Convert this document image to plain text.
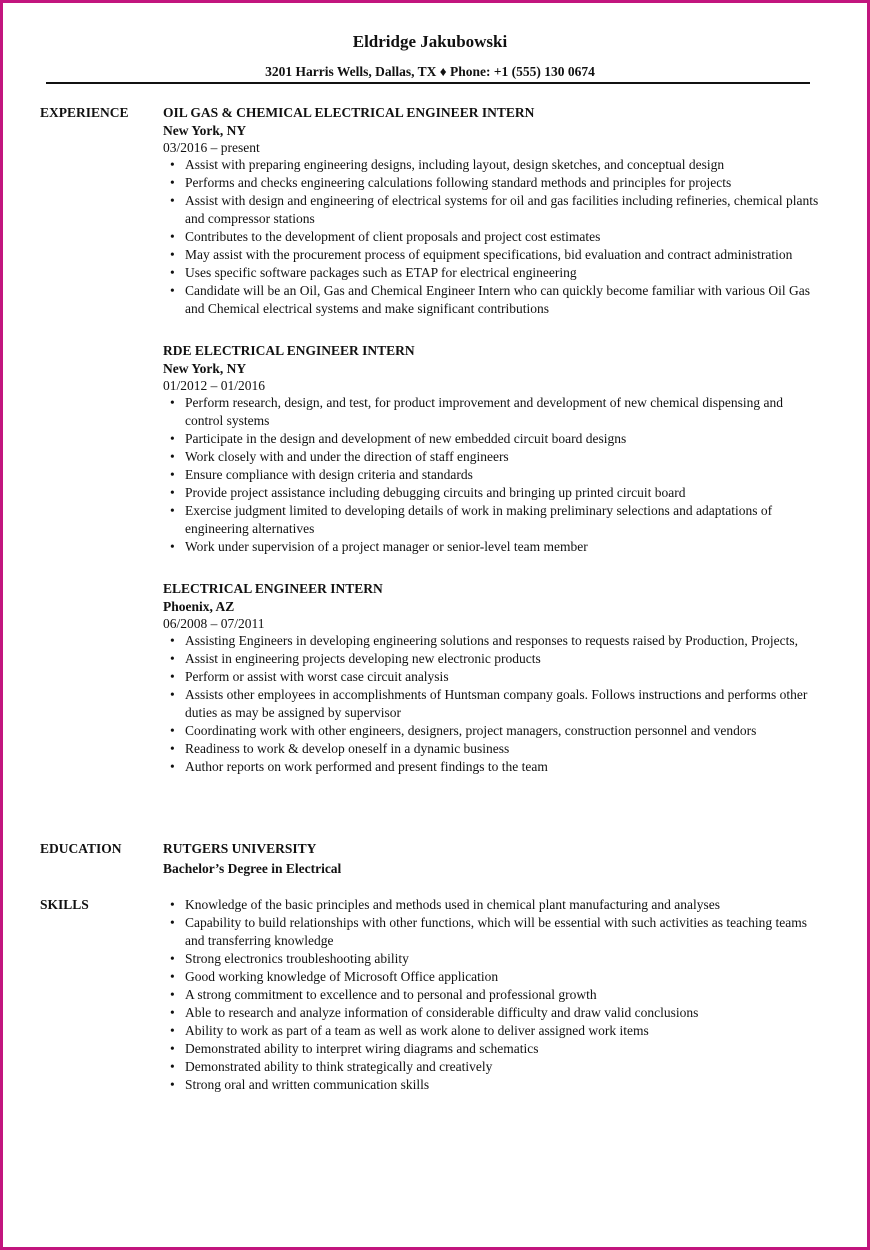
Eldridge Jakubowski
3201 Harris Wells, Dallas, TX ♦ Phone: +1 (555) 130 0674
EXPERIENCE	OIL GAS & CHEMICAL ELECTRICAL ENGINEER INTERN

New York, NY

03/2016 – present

• Assist with preparing engineering designs, including layout, design sketches, and conceptual design
• Performs and checks engineering calculations following standard methods and principles for projects
• Assist with design and engineering of electrical systems for oil and gas facilities including refineries, chemical plants and compressor stations
• Contributes to the development of client proposals and project cost estimates
• May assist with the procurement process of equipment specifications, bid evaluation and contract administration
• Uses specific software packages such as ETAP for electrical engineering
• Candidate will be an Oil, Gas and Chemical Engineer Intern who can quickly become familiar with various Oil Gas and Chemical electrical systems and make significant contributions

RDE ELECTRICAL ENGINEER INTERN

New York, NY

01/2012 – 01/2016

• Perform research, design, and test, for product improvement and development of new chemical dispensing and control systems
• Participate in the design and development of new embedded circuit board designs
• Work closely with and under the direction of staff engineers
• Ensure compliance with design criteria and standards
• Provide project assistance including debugging circuits and bringing up printed circuit board
• Exercise judgment limited to developing details of work in making preliminary selections and adaptations of engineering alternatives
• Work under supervision of a project manager or senior-level team member

ELECTRICAL ENGINEER INTERN

Phoenix, AZ

06/2008 – 07/2011

• Assisting Engineers in developing engineering solutions and responses to requests raised by Production, Projects,
• Assist in engineering projects developing new electronic products
• Perform or assist with worst case circuit analysis
• Assists other employees in accomplishments of Huntsman company goals. Follows instructions and performs other duties as may be assigned by supervisor
• Coordinating work with other engineers, designers, project managers, construction personnel and vendors
• Readiness to work & develop oneself in a dynamic business
• Author reports on work performed and present findings to the team
EDUCATION	RUTGERS UNIVERSITY

Bachelor’s Degree in Electrical

SKILLS
•	Knowledge of the basic principles and methods used in chemical plant manufacturing and analyses
• Capability to build relationships with other functions, which will be essential with such activities as teaching teams and transferring knowledge
• Strong electronics troubleshooting ability
• Good working knowledge of Microsoft Office application
• A strong commitment to excellence and to personal and professional growth
• Able to research and analyze information of considerable difficulty and draw valid conclusions
• Ability to work as part of a team as well as work alone to deliver assigned work items
• Demonstrated ability to interpret wiring diagrams and schematics
• Demonstrated ability to think strategically and creatively
• Strong oral and written communication skills
